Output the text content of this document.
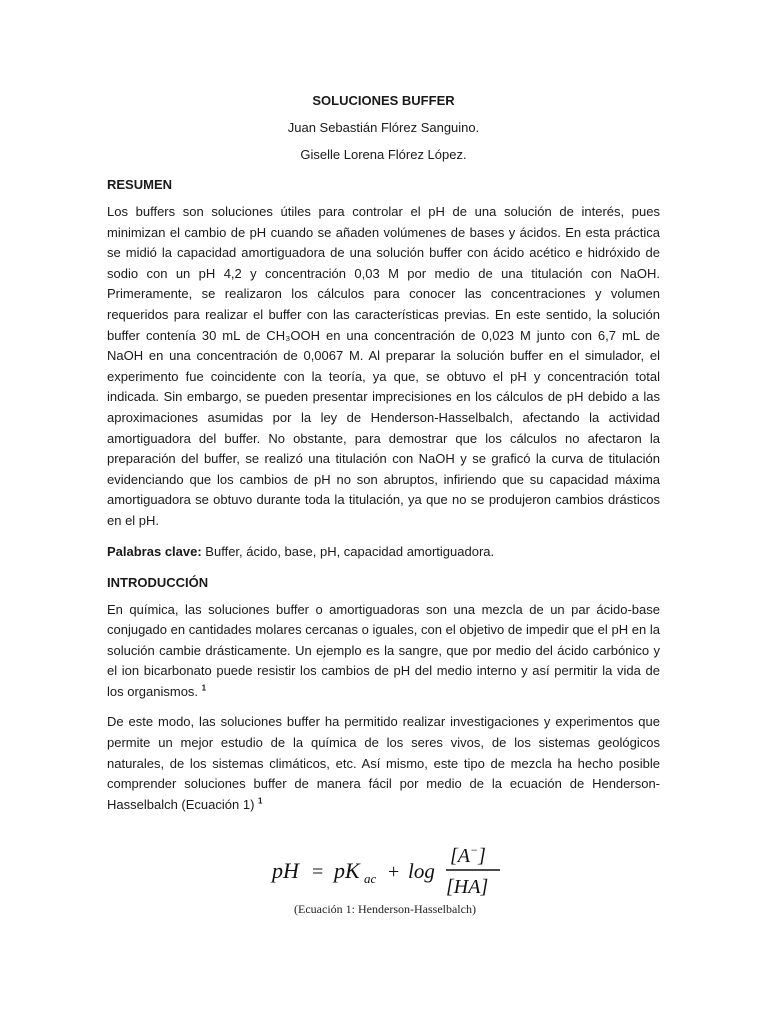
SOLUCIONES BUFFER
Juan Sebastián Flórez Sanguino.
Giselle Lorena Flórez López.
RESUMEN

Los buffers son soluciones útiles para controlar el pH de una solución de interés, pues minimizan el cambio de pH cuando se añaden volúmenes de bases y ácidos. En esta práctica se midió la capacidad amortiguadora de una solución buffer con ácido acético e hidróxido de sodio con un pH 4,2 y concentración 0,03 M por medio de una titulación con NaOH. Primeramente, se realizaron los cálculos para conocer las concentraciones y volumen requeridos para realizar el buffer con las características previas. En este sentido, la solución buffer contenía 30 mL de CH₃OOH en una concentración de 0,023 M junto con 6,7 mL de NaOH en una concentración de 0,0067 M. Al preparar la solución buffer en el simulador, el experimento fue coincidente con la teoría, ya que, se obtuvo el pH y concentración total indicada. Sin embargo, se pueden presentar imprecisiones en los cálculos de pH debido a las aproximaciones asumidas por la ley de Henderson-Hasselbalch, afectando la actividad amortiguadora del buffer. No obstante, para demostrar que los cálculos no afectaron la preparación del buffer, se realizó una titulación con NaOH y se graficó la curva de titulación evidenciando que los cambios de pH no son abruptos, infiriendo que su capacidad máxima amortiguadora se obtuvo durante toda la titulación, ya que no se produjeron cambios drásticos en el pH.

Palabras clave: Buffer, ácido, base, pH, capacidad amortiguadora.

INTRODUCCIÓN

En química, las soluciones buffer o amortiguadoras son una mezcla de un par ácido-base conjugado en cantidades molares cercanas o iguales, con el objetivo de impedir que el pH en la solución cambie drásticamente. Un ejemplo es la sangre, que por medio del ácido carbónico y el ion bicarbonato puede resistir los cambios de pH del medio interno y así permitir la vida de los organismos. $^1$

De este modo, las soluciones buffer ha permitido realizar investigaciones y experimentos que permite un mejor estudio de la química de los seres vivos, de los sistemas geológicos naturales, de los sistemas climáticos, etc. Así mismo, este tipo de mezcla ha hecho posible comprender soluciones buffer de manera fácil por medio de la ecuación de Henderson-Hasselbalch (Ecuación 1) $^1$

pH = pK ac + log
[A−]
[HA]
(Ecuación 1: Henderson-Hasselbalch)
